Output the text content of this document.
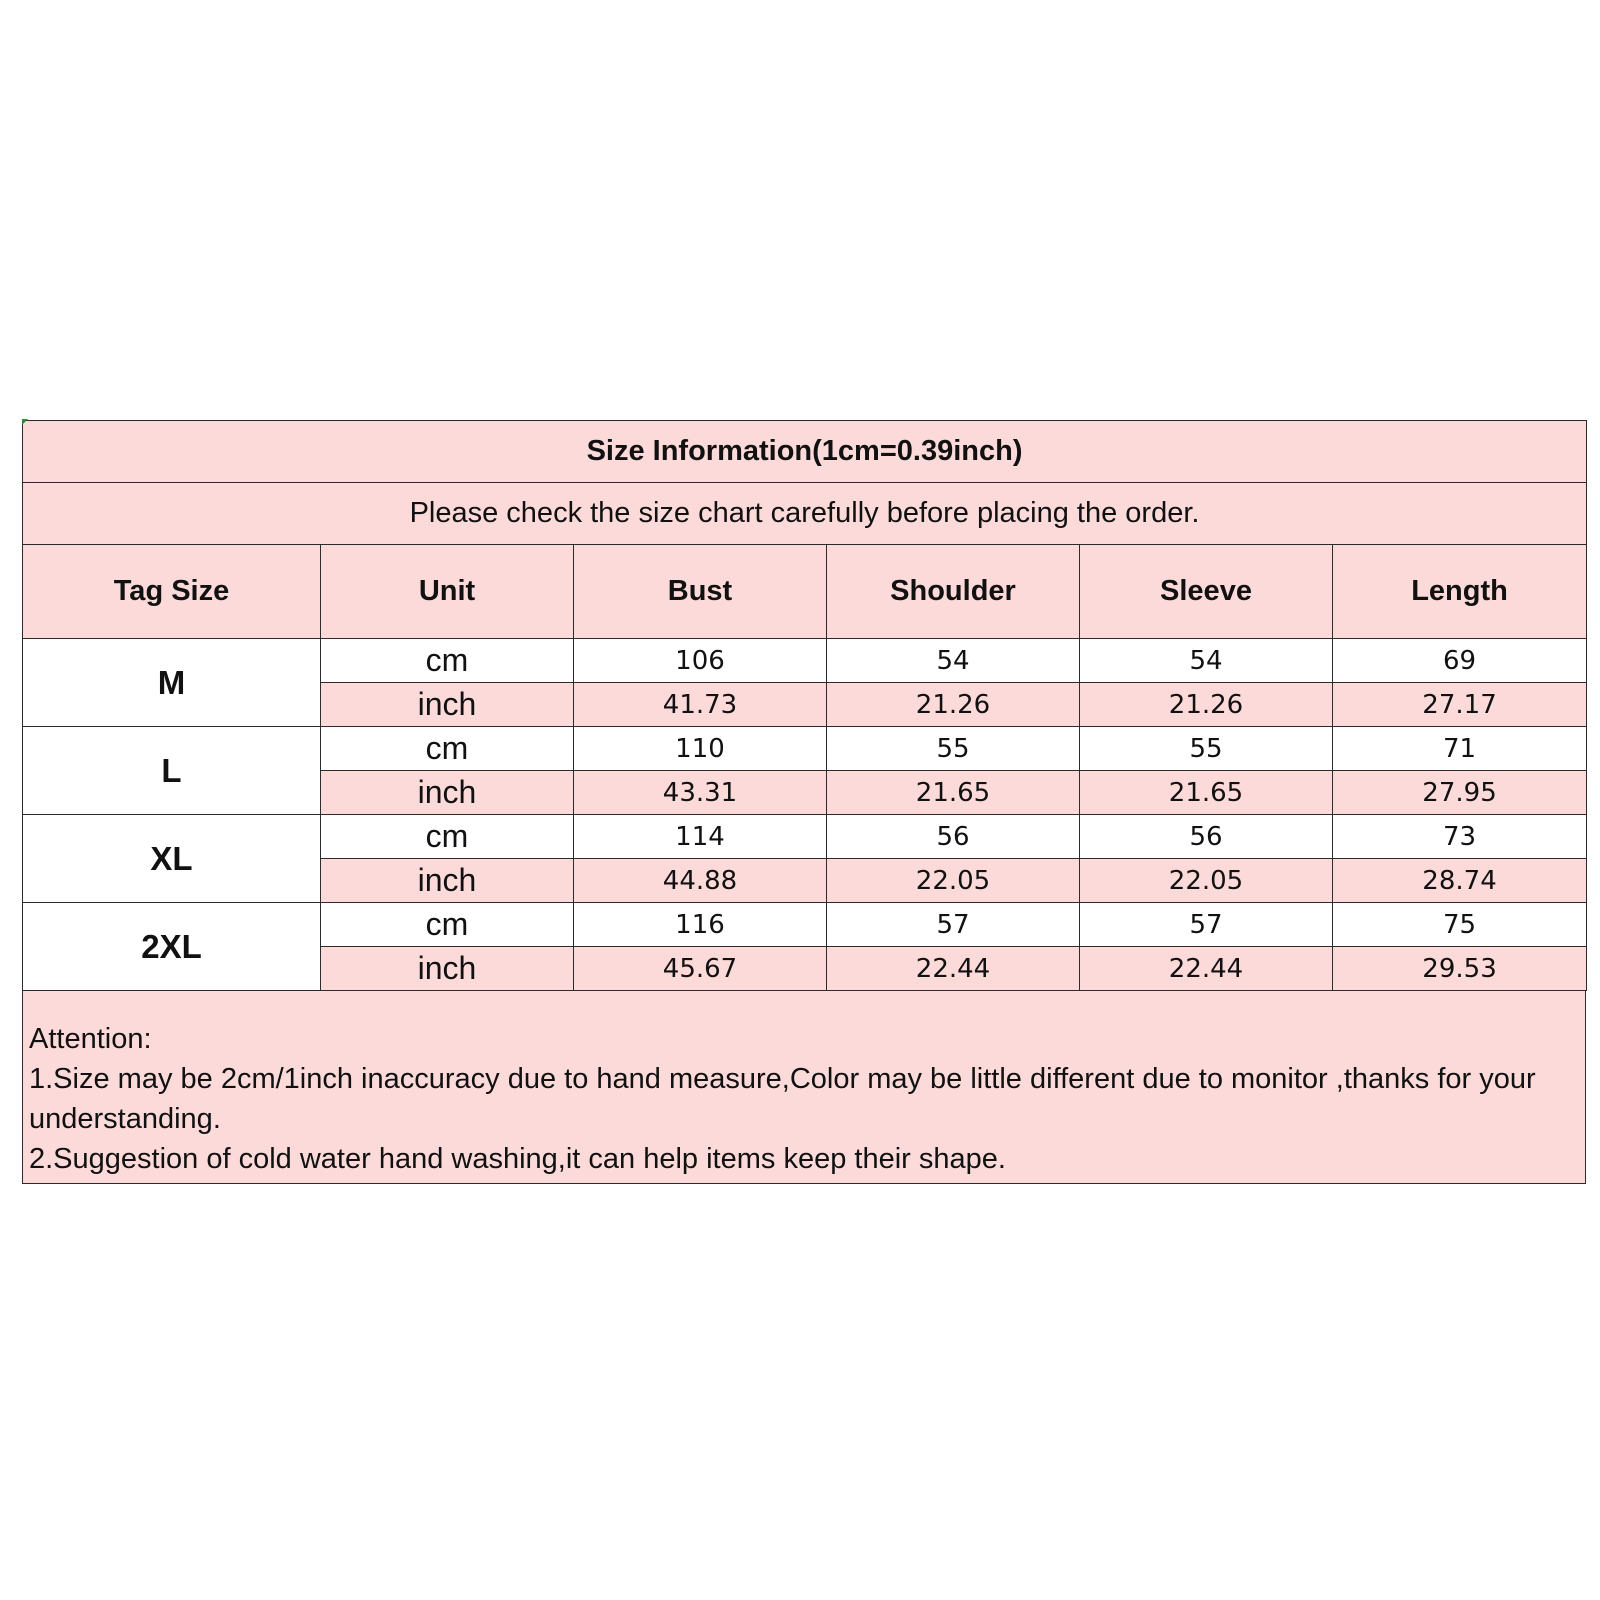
Size Information(1cm=0.39inch)					
Please check the size chart carefully before placing the order.					
Tag Size	Unit	Bust	Shoulder	Sleeve	Length
M	cm	106	54	54	69
	inch	41.73	21.26	21.26	27.17
L	cm	110	55	55	71
	inch	43.31	21.65	21.65	27.95
XL	cm	114	56	56	73
	inch	44.88	22.05	22.05	28.74
2XL	cm	116	57	57	75
	inch	45.67	22.44	22.44	29.53
Attention:
1.Size may be 2cm/1inch inaccuracy due to hand measure,Color may be little different due to monitor ,thanks for your understanding.
2.Suggestion of cold water hand washing,it can help items keep their shape.
